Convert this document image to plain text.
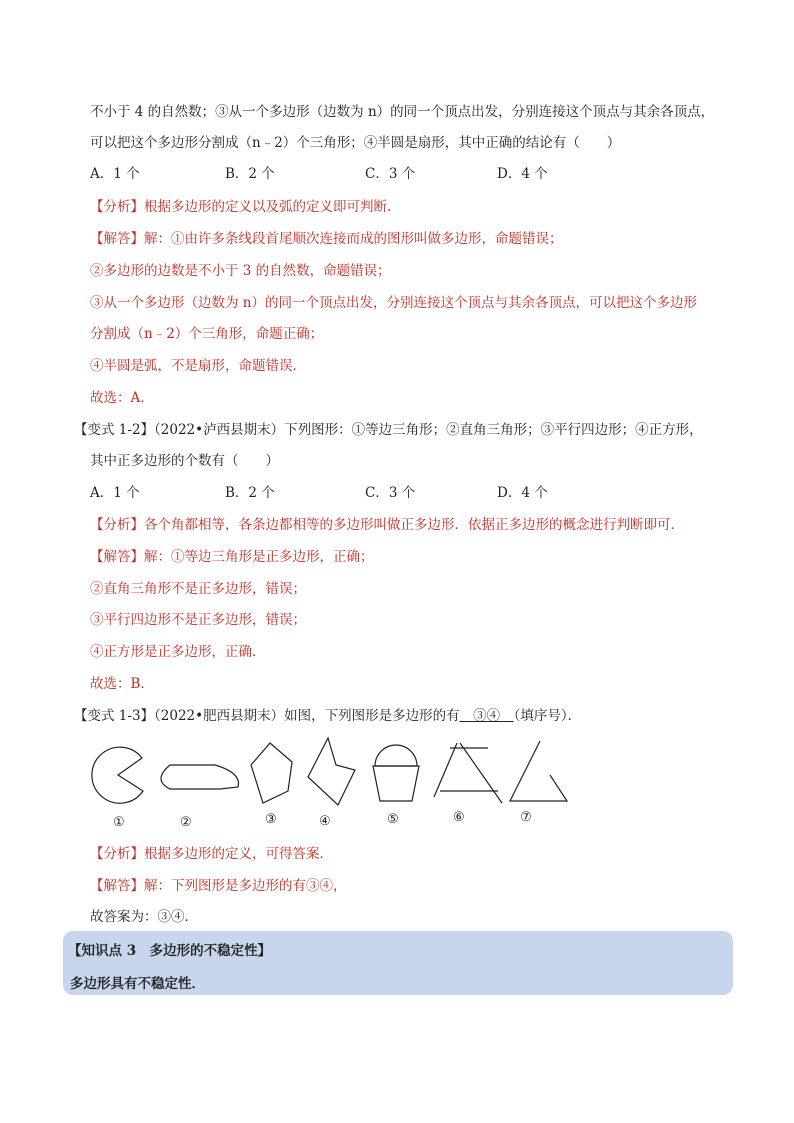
不小于 4 的自然数；③从一个多边形（边数为 n）的同一个顶点出发，分别连接这个顶点与其余各顶点，
可以把这个多边形分割成（n﹣2）个三角形；④半圆是扇形，其中正确的结论有（　　）
A．1 个	B．2 个	C．3 个	D．4 个
【分析】根据多边形的定义以及弧的定义即可判断．
【解答】解：①由许多条线段首尾顺次连接而成的图形叫做多边形，命题错误；
②多边形的边数是不小于 3 的自然数，命题错误；
③从一个多边形（边数为 n）的同一个顶点出发，分别连接这个顶点与其余各顶点，可以把这个多边形
分割成（n﹣2）个三角形，命题正确；
④半圆是弧，不是扇形，命题错误．
故选：A．
【变式 1-2】（2022•泸西县期末）下列图形：①等边三角形；②直角三角形；③平行四边形；④正方形，
其中正多边形的个数有（　　）
A．1 个	B．2 个	C．3 个	D．4 个
【分析】各个角都相等，各条边都相等的多边形叫做正多边形．依据正多边形的概念进行判断即可．
【解答】解：①等边三角形是正多边形，正确；
②直角三角形不是正多边形，错误；
③平行四边形不是正多边形，错误；
④正方形是正多边形，正确．
故选：B．
【变式 1-3】（2022•肥西县期末）如图，下列图形是多边形的有　③④　（填序号）．
①	②	③	④	⑤	⑥	⑦
【分析】根据多边形的定义，可得答案．
【解答】解：下列图形是多边形的有③④，
故答案为：③④．
【知识点 3　多边形的不稳定性】
多边形具有不稳定性．
